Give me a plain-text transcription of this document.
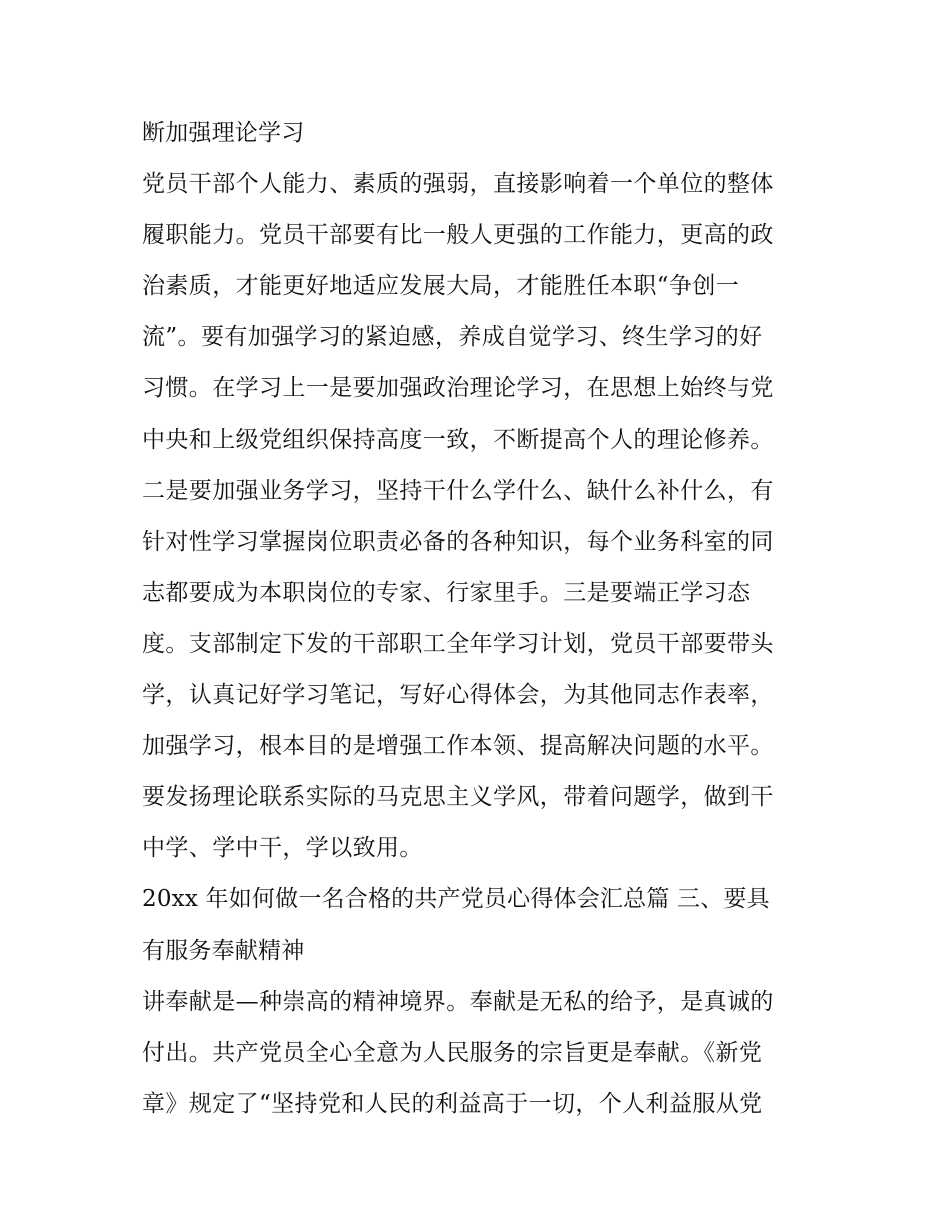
断加强理论学习
党员干部个人能力、素质的强弱，直接影响着一个单位的整体
履职能力。党员干部要有比一般人更强的工作能力，更高的政
治素质，才能更好地适应发展大局，才能胜任本职“争创一
流”。要有加强学习的紧迫感，养成自觉学习、终生学习的好
习惯。在学习上一是要加强政治理论学习，在思想上始终与党
中央和上级党组织保持高度一致，不断提高个人的理论修养。
二是要加强业务学习，坚持干什么学什么、缺什么补什么，有
针对性学习掌握岗位职责必备的各种知识，每个业务科室的同
志都要成为本职岗位的专家、行家里手。三是要端正学习态
度。支部制定下发的干部职工全年学习计划，党员干部要带头
学，认真记好学习笔记，写好心得体会，为其他同志作表率，
加强学习，根本目的是增强工作本领、提高解决问题的水平。
要发扬理论联系实际的马克思主义学风，带着问题学，做到干
中学、学中干，学以致用。
20xx 年如何做一名合格的共产党员心得体会汇总篇 三、要具
有服务奉献精神
讲奉献是—种崇高的精神境界。奉献是无私的给予，是真诚的
付出。共产党员全心全意为人民服务的宗旨更是奉献。《新党
章》规定了“坚持党和人民的利益高于一切，个人利益服从党
